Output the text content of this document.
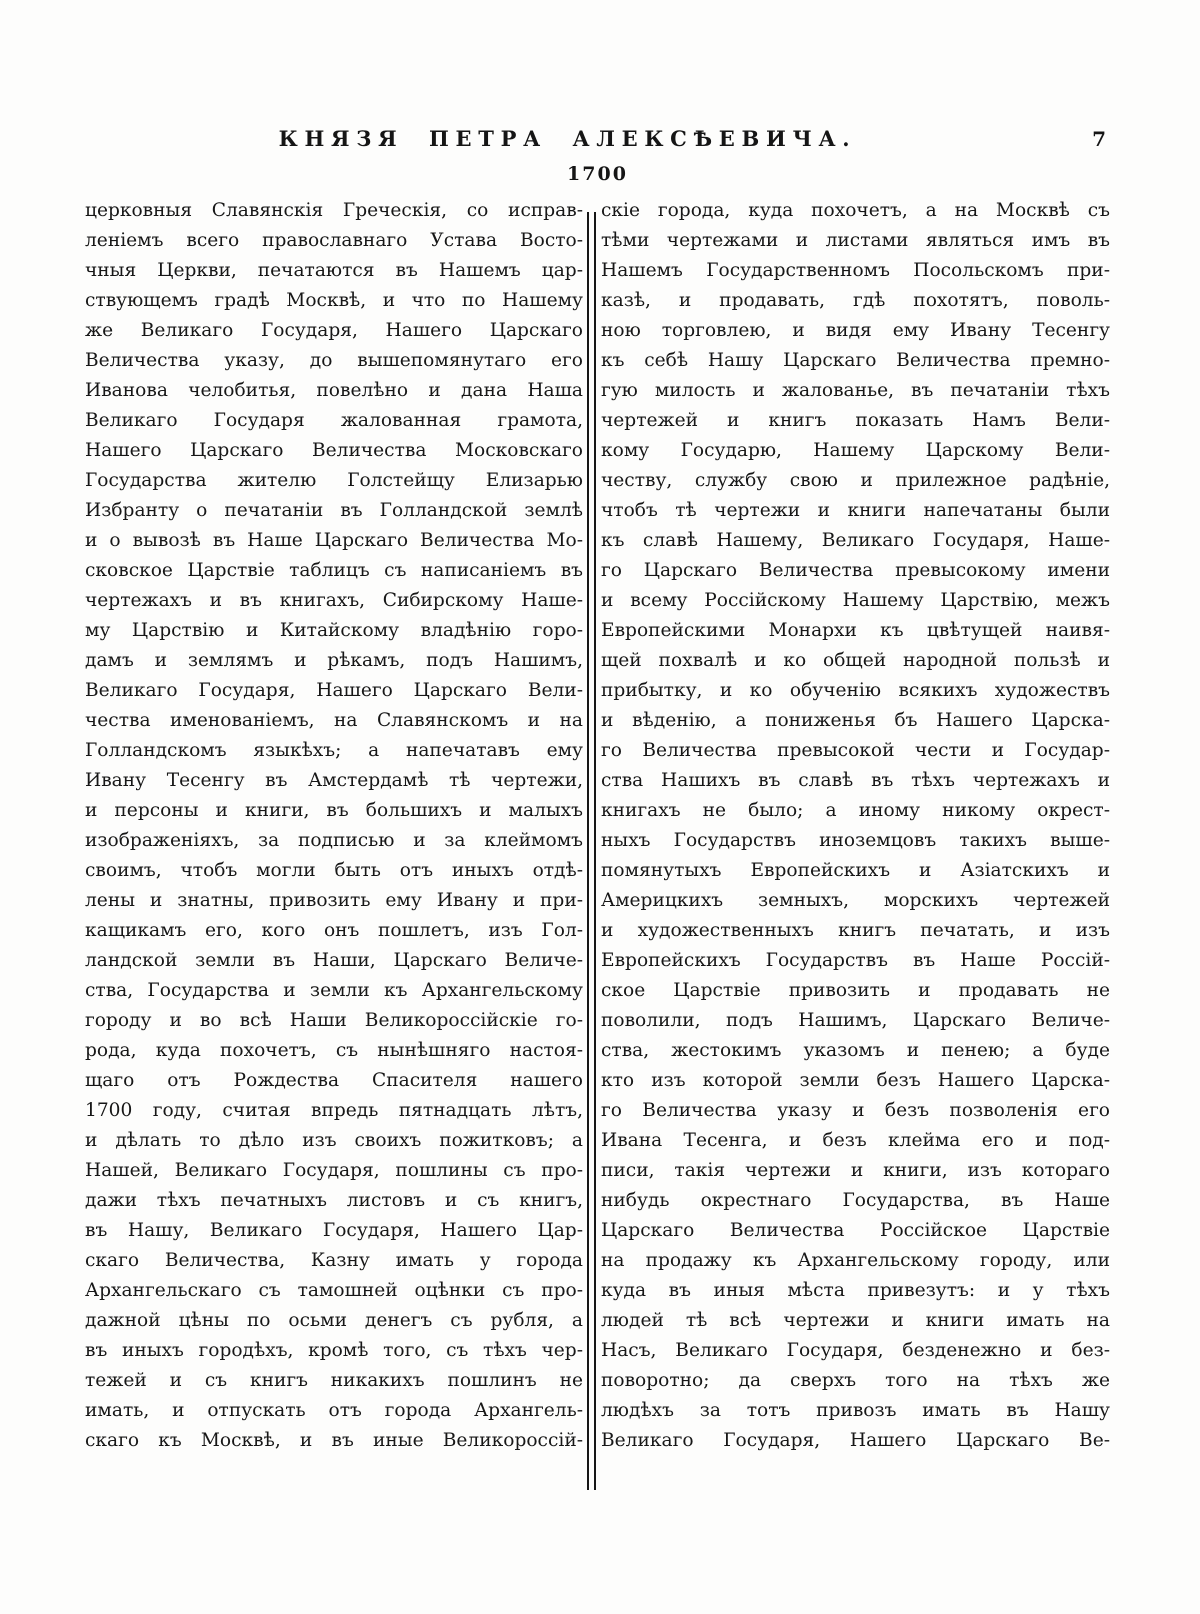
КНЯЗЯ ПЕТРА АЛЕКСѢЕВИЧА.	7
1700
церковныя Славянскія Греческія, со исправ-
леніемъ всего православнаго Устава Восто-
чныя Церкви, печатаются въ Нашемъ цар-
ствующемъ градѣ Москвѣ, и что по Нашему
же Великаго Государя, Нашего Царскаго
Величества указу, до вышепомянутаго его
Иванова челобитья, повелѣно и дана Наша
Великаго Государя жалованная грамота,
Нашего Царскаго Величества Московскаго
Государства жителю Голстейщу Елизарью
Избранту о печатаніи въ Голландской землѣ
и о вывозѣ въ Наше Царскаго Величества Мо-
сковское Царствіе таблицъ съ написаніемъ въ
чертежахъ и въ книгахъ, Сибирскому Наше-
му Царствію и Китайскому владѣнію горо-
дамъ и землямъ и рѣкамъ, подъ Нашимъ,
Великаго Государя, Нашего Царскаго Вели-
чества именованіемъ, на Славянскомъ и на
Голландскомъ языкѣхъ; а напечатавъ ему
Ивану Тесенгу въ Амстердамѣ тѣ чертежи,
и персоны и книги, въ большихъ и малыхъ
изображеніяхъ, за подписью и за клеймомъ
своимъ, чтобъ могли быть отъ иныхъ отдѣ-
лены и знатны, привозить ему Ивану и при-
кащикамъ его, кого онъ пошлетъ, изъ Гол-
ландской земли въ Наши, Царскаго Величе-
ства, Государства и земли къ Архангельскому
городу и во всѣ Наши Великороссійскіе го-
рода, куда похочетъ, съ нынѣшняго настоя-
щаго отъ Рождества Спасителя нашего
1700 году, считая впредь пятнадцать лѣтъ,
и дѣлать то дѣло изъ своихъ пожитковъ; а
Нашей, Великаго Государя, пошлины съ про-
дажи тѣхъ печатныхъ листовъ и съ книгъ,
въ Нашу, Великаго Государя, Нашего Цар-
скаго Величества, Казну имать у города
Архангельскаго съ тамошней оцѣнки съ про-
дажной цѣны по осьми денегъ съ рубля, а
въ иныхъ городѣхъ, кромѣ того, съ тѣхъ чер-
тежей и съ книгъ никакихъ пошлинъ не
имать, и отпускать отъ города Архангель-
скаго къ Москвѣ, и въ иные Великороссій-
скіе города, куда похочетъ, а на Москвѣ съ
тѣми чертежами и листами являться имъ въ
Нашемъ Государственномъ Посольскомъ при-
казѣ, и продавать, гдѣ похотятъ, поволь-
ною торговлею, и видя ему Ивану Тесенгу
къ себѣ Нашу Царскаго Величества премно-
гую милость и жалованье, въ печатаніи тѣхъ
чертежей и книгъ показать Намъ Вели-
кому Государю, Нашему Царскому Вели-
честву, службу свою и прилежное радѣніе,
чтобъ тѣ чертежи и книги напечатаны были
къ славѣ Нашему, Великаго Государя, Наше-
го Царскаго Величества превысокому имени
и всему Россійскому Нашему Царствію, межъ
Европейскими Монархи къ цвѣтущей наивя-
щей похвалѣ и ко общей народной пользѣ и
прибытку, и ко обученію всякихъ художествъ
и вѣденію, а пониженья бъ Нашего Царска-
го Величества превысокой чести и Государ-
ства Нашихъ въ славѣ въ тѣхъ чертежахъ и
книгахъ не было; а иному никому окрест-
ныхъ Государствъ иноземцовъ такихъ выше-
помянутыхъ Европейскихъ и Азіатскихъ и
Америцкихъ земныхъ, морскихъ чертежей
и художественныхъ книгъ печатать, и изъ
Европейскихъ Государствъ въ Наше Россій-
ское Царствіе привозить и продавать не
поволили, подъ Нашимъ, Царскаго Величе-
ства, жестокимъ указомъ и пенею; а буде
кто изъ которой земли безъ Нашего Царска-
го Величества указу и безъ позволенія его
Ивана Тесенга, и безъ клейма его и под-
писи, такія чертежи и книги, изъ котораго
нибудь окрестнаго Государства, въ Наше
Царскаго Величества Россійское Царствіе
на продажу къ Архангельскому городу, или
куда въ иныя мѣста привезутъ: и у тѣхъ
людей тѣ всѣ чертежи и книги имать на
Насъ, Великаго Государя, безденежно и без-
поворотно; да сверхъ того на тѣхъ же
людѣхъ за тотъ привозъ имать въ Нашу
Великаго Государя, Нашего Царскаго Ве-
